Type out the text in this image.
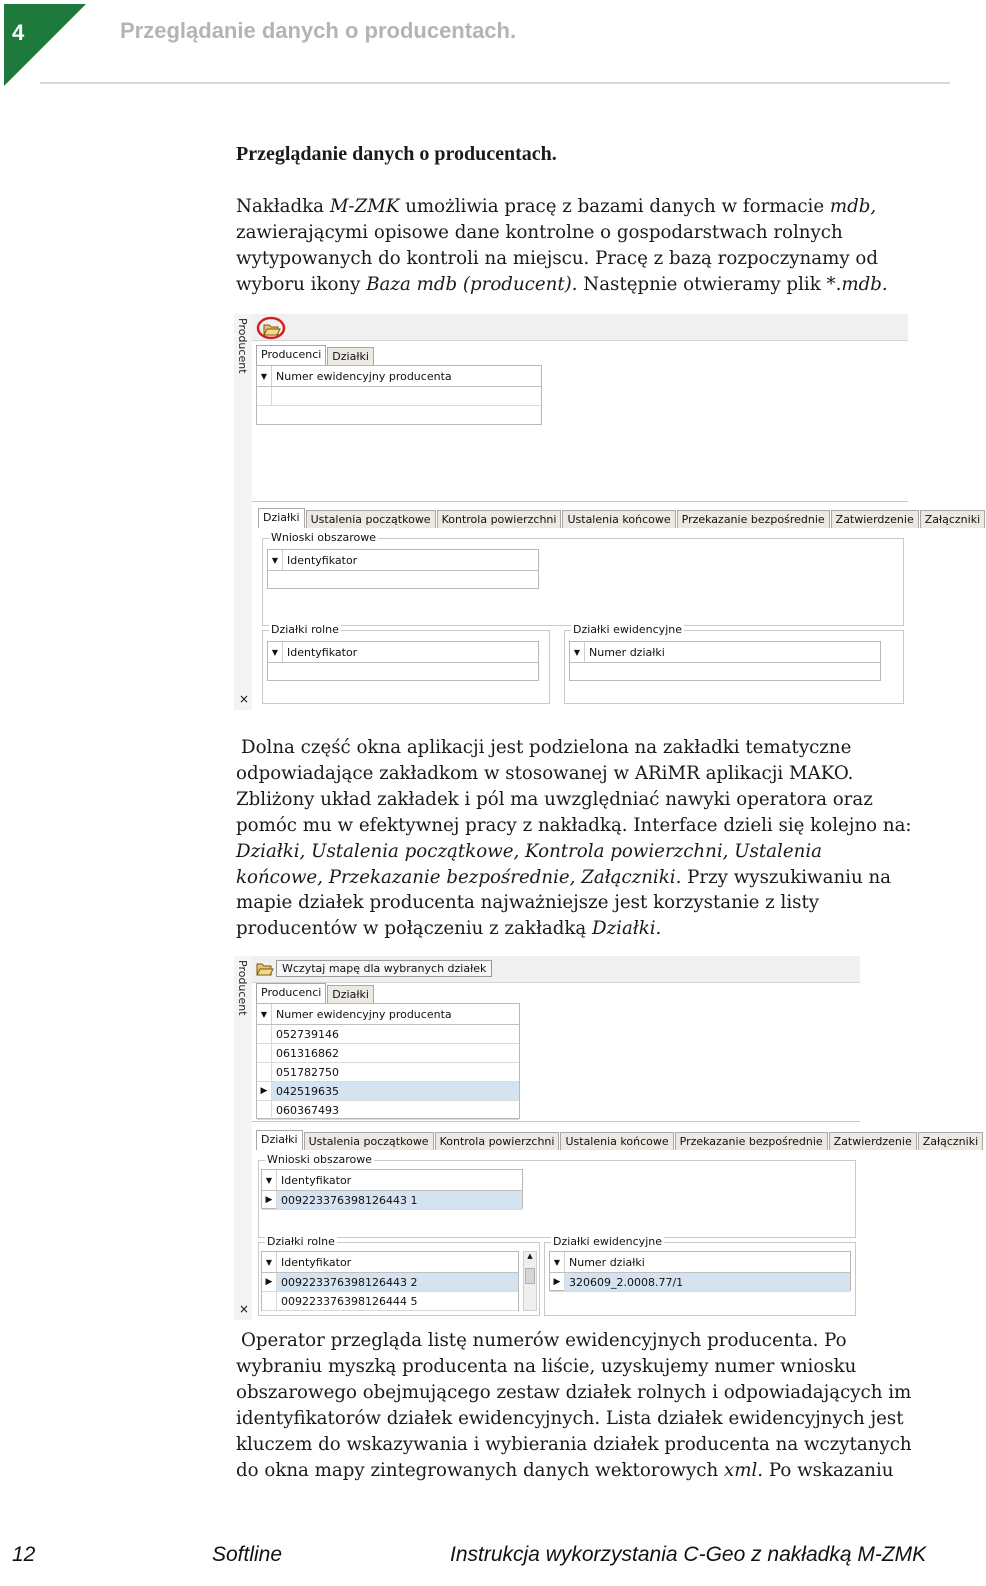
4	Przeglądanie danych o producentach.
Przeglądanie danych o producentach.
Nakładka M-ZMK umożliwia pracę z bazami danych w formacie mdb,
zawierającymi opisowe dane kontrolne o gospodarstwach rolnych
wytypowanych do kontroli na miejscu. Pracę z bazą rozpoczynamy od
wyboru ikony Baza mdb (producent). Następnie otwieramy plik *.mdb.
Producent
×
Producenci	Działki
▼ Numer ewidencyjny producenta
Działki	Ustalenia początkowe	Kontrola powierzchni	Ustalenia końcowe	Przekazanie bezpośrednie	Zatwierdzenie	Załączniki
Wnioski obszarowe
▼ Identyfikator
Działki rolne
▼ Identyfikator
Działki ewidencyjne
▼ Numer działki
Dolna część okna aplikacji jest podzielona na zakładki tematyczne
odpowiadające zakładkom w stosowanej w ARiMR aplikacji MAKO.
Zbliżony układ zakładek i pól ma uwzględniać nawyki operatora oraz
pomóc mu w efektywnej pracy z nakładką. Interface dzieli się kolejno na:
Działki, Ustalenia początkowe, Kontrola powierzchni, Ustalenia
końcowe, Przekazanie bezpośrednie, Załączniki. Przy wyszukiwaniu na
mapie działek producenta najważniejsze jest korzystanie z listy
producentów w połączeniu z zakładką Działki.
Producent
×
Wczytaj mapę dla wybranych działek
Producenci	Działki
▼ Numer ewidencyjny producenta
052739146
061316862
051782750
▶ 042519635
060367493
Działki	Ustalenia początkowe	Kontrola powierzchni	Ustalenia końcowe	Przekazanie bezpośrednie	Zatwierdzenie	Załączniki
Wnioski obszarowe
▼ Identyfikator
▶ 009223376398126443 1
Działki rolne
▼ Identyfikator
▶ 009223376398126443 2
009223376398126444 5
▲
Działki ewidencyjne
▼ Numer działki
▶ 320609_2.0008.77/1
Operator przegląda listę numerów ewidencyjnych producenta. Po
wybraniu myszką producenta na liście, uzyskujemy numer wniosku
obszarowego obejmującego zestaw działek rolnych i odpowiadających im
identyfikatorów działek ewidencyjnych. Lista działek ewidencyjnych jest
kluczem do wskazywania i wybierania działek producenta na wczytanych
do okna mapy zintegrowanych danych wektorowych xml. Po wskazaniu
12	Softline	Instrukcja wykorzystania C-Geo z nakładką M-ZMK
